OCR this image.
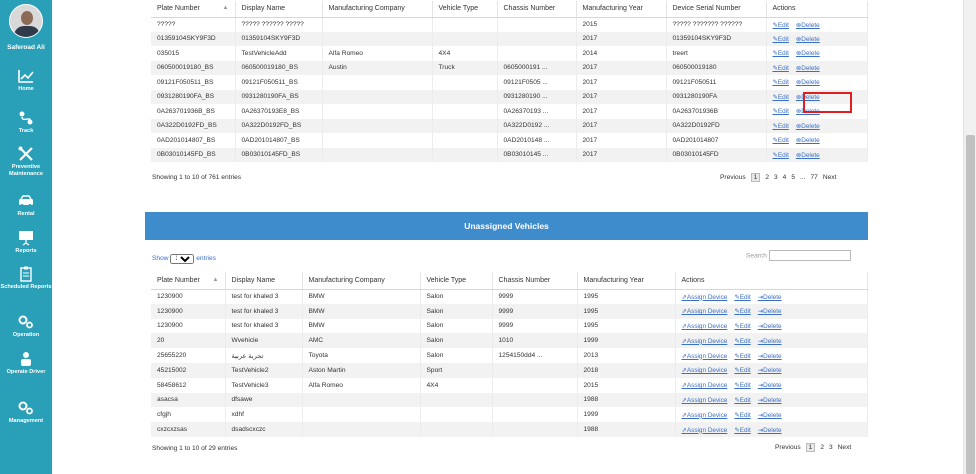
Saferoad Ali
Home
Track
Preventive Maintenance
Rental
Reports
Scheduled Reports
Operation
Operate Driver
Management
Plate Number ▲	Display Name	Manufacturing Company	Vehicle Type	Chassis Number	Manufacturing Year	Device Serial Number	Actions
?????	????? ?????? ?????				2015	????? ??????? ??????	✎Edit ⊗Delete
01359104SKY9F3D	01359104SKY9F3D				2017	01359104SKY9F3D	✎Edit ⊗Delete
035015	TestVehicleAdd	Alfa Romeo	4X4		2014	treert	✎Edit ⊗Delete
060500019180_BS	060500019180_BS	Austin	Truck	0605000191 ...	2017	060500019180	✎Edit ⊗Delete
09121F050511_BS	09121F050511_BS			09121F0505 ...	2017	09121F050511	✎Edit ⊗Delete
0931280190FA_BS	0931280190FA_BS			0931280190 ...	2017	0931280190FA	✎Edit ⊗Delete
0A263701936B_BS	0A26370193E8_BS			0A26370193 ...	2017	0A263701936B	✎Edit ⊗Delete
0A322D0192FD_BS	0A322D0192FD_BS			0A322D0192 ...	2017	0A322D0192FD	✎Edit ⊗Delete
0AD201014807_BS	0AD201014807_BS			0AD2010148 ...	2017	0AD201014807	✎Edit ⊗Delete
0B03010145FD_BS	0B03010145FD_BS			0B03010145 ...	2017	0B03010145FD	✎Edit ⊗Delete
Showing 1 to 10 of 761 entries	Previous	1	2 3 4 5 ... 77 Next
Unassigned Vehicles
Show
10	entries	Search
Plate Number ▲	Display Name	Manufacturing Company	Vehicle Type	Chassis Number	Manufacturing Year	Actions
1230900	test for khaled 3	BMW	Salon	9999	1995	⇗Assign Device ✎Edit ⇥Delete
1230900	test for khaled 3	BMW	Salon	9999	1995	⇗Assign Device ✎Edit ⇥Delete
1230900	test for khaled 3	BMW	Salon	9999	1995	⇗Assign Device ✎Edit ⇥Delete
20	Wvehicle	AMC	Salon	1010	1999	⇗Assign Device ✎Edit ⇥Delete
25655220	تجربة عربية	Toyota	Salon	1254150dd4 ...	2013	⇗Assign Device ✎Edit ⇥Delete
45215002	TestVehicle2	Aston Martin	Sport		2018	⇗Assign Device ✎Edit ⇥Delete
58458612	TestVehicle3	Alfa Romeo	4X4		2015	⇗Assign Device ✎Edit ⇥Delete
asacsa	dfsawe				1988	⇗Assign Device ✎Edit ⇥Delete
cfgjh	xdhf				1999	⇗Assign Device ✎Edit ⇥Delete
cxzcxzsas	dsadscxczc				1988	⇗Assign Device ✎Edit ⇥Delete
Showing 1 to 10 of 29 entries	Previous	1	2 3 Next
